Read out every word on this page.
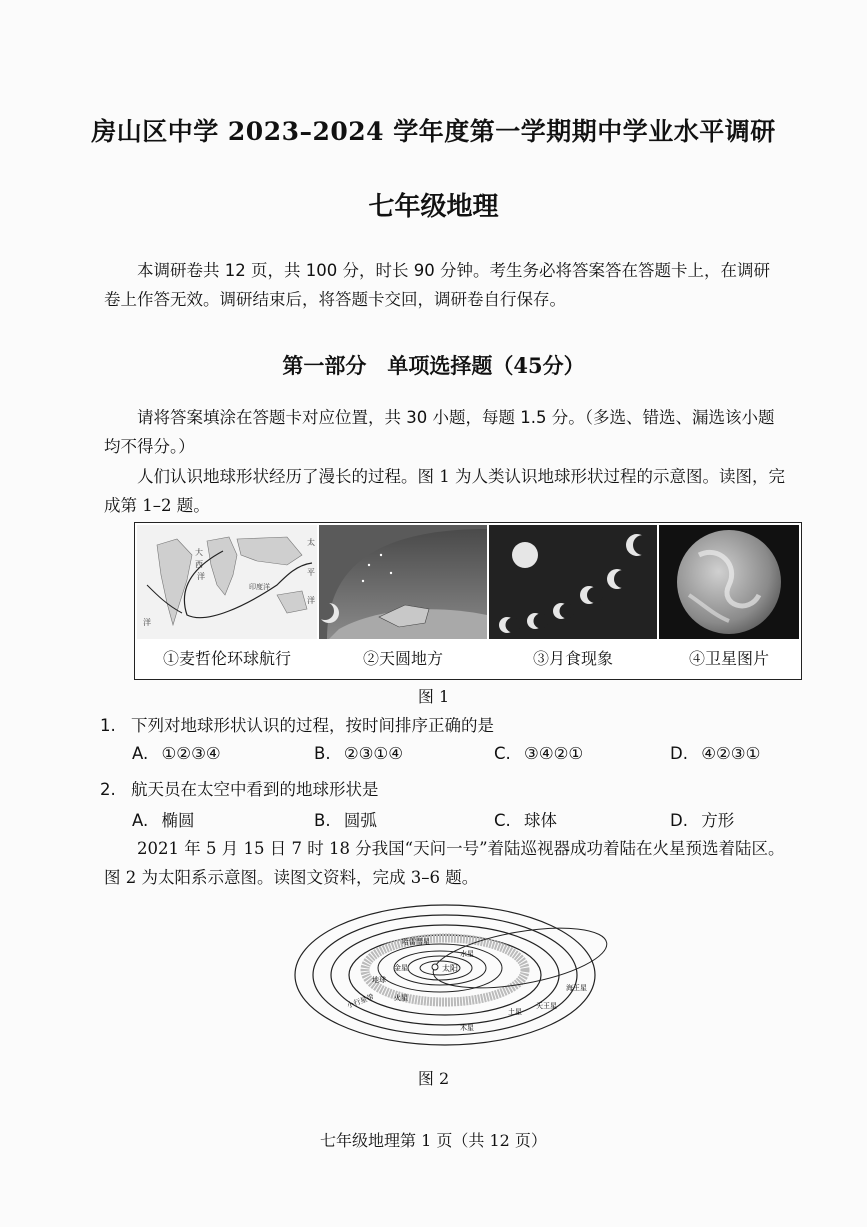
房山区中学 2023–2024 学年度第一学期期中学业水平调研
七年级地理
本调研卷共 12 页，共 100 分，时长 90 分钟。考生务必将答案答在答题卡上，在调研卷上作答无效。调研结束后，将答题卡交回，调研卷自行保存。
第一部分　单项选择题（45分）
请将答案填涂在答题卡对应位置，共 30 小题，每题 1.5 分。（多选、错选、漏选该小题均不得分。）
人们认识地球形状经历了漫长的过程。图 1 为人类认识地球形状过程的示意图。读图，完成第 1–2 题。
洋
大
西
洋
印度洋
太
平
洋
①麦哲伦环球航行	②天圆地方	③月食现象	④卫星图片
图 1
1. 下列对地球形状认识的过程，按时间排序正确的是
A. ①②③④	B. ②③①④	C. ③④②①	D. ④②③①
2. 航天员在太空中看到的地球形状是
A. 椭圆	B. 圆弧	C. 球体	D. 方形
2021 年 5 月 15 日 7 时 18 分我国“天问一号”着陆巡视器成功着陆在火星预选着陆区。图 2 为太阳系示意图。读图文资料，完成 3–6 题。
太阳
哈雷彗星
水星
金星
地球
火星
小行星带
木星
土星
天王星
海王星
图 2
七年级地理第 1 页（共 12 页）
